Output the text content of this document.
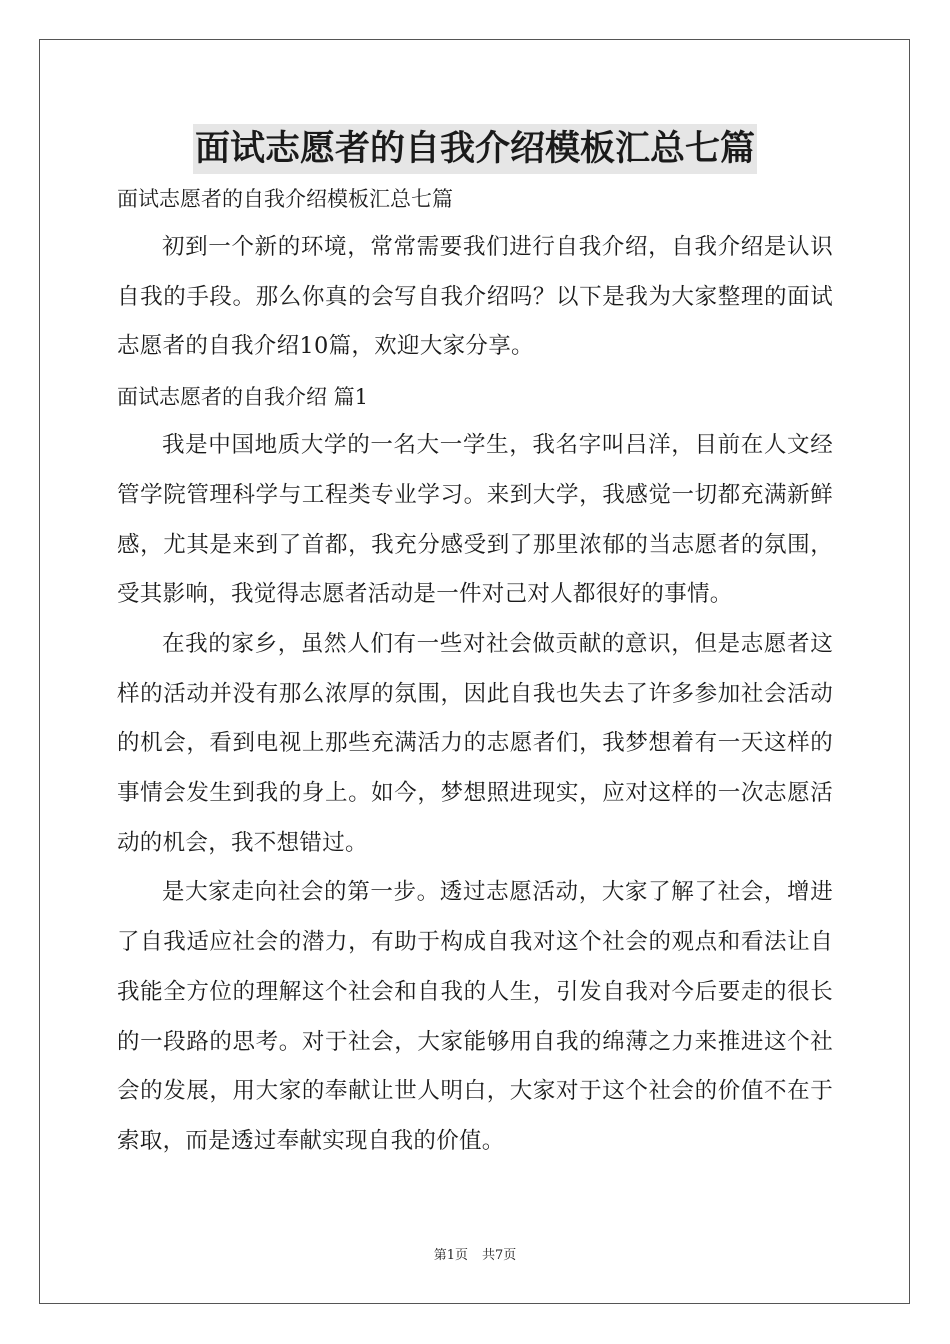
面试志愿者的自我介绍模板汇总七篇

面试志愿者的自我介绍模板汇总七篇

初到一个新的环境，常常需要我们进行自我介绍，自我介绍是认识自我的手段。那么你真的会写自我介绍吗？以下是我为大家整理的面试志愿者的自我介绍10篇，欢迎大家分享。

面试志愿者的自我介绍 篇1

我是中国地质大学的一名大一学生，我名字叫吕洋，目前在人文经管学院管理科学与工程类专业学习。来到大学，我感觉一切都充满新鲜感，尤其是来到了首都，我充分感受到了那里浓郁的当志愿者的氛围，受其影响，我觉得志愿者活动是一件对己对人都很好的事情。

在我的家乡，虽然人们有一些对社会做贡献的意识，但是志愿者这样的活动并没有那么浓厚的氛围，因此自我也失去了许多参加社会活动的机会，看到电视上那些充满活力的志愿者们，我梦想着有一天这样的事情会发生到我的身上。如今，梦想照进现实，应对这样的一次志愿活动的机会，我不想错过。

是大家走向社会的第一步。透过志愿活动，大家了解了社会，增进了自我适应社会的潜力，有助于构成自我对这个社会的观点和看法让自我能全方位的理解这个社会和自我的人生，引发自我对今后要走的很长的一段路的思考。对于社会，大家能够用自我的绵薄之力来推进这个社会的发展，用大家的奉献让世人明白，大家对于这个社会的价值不在于索取，而是透过奉献实现自我的价值。

第1页 共7页
